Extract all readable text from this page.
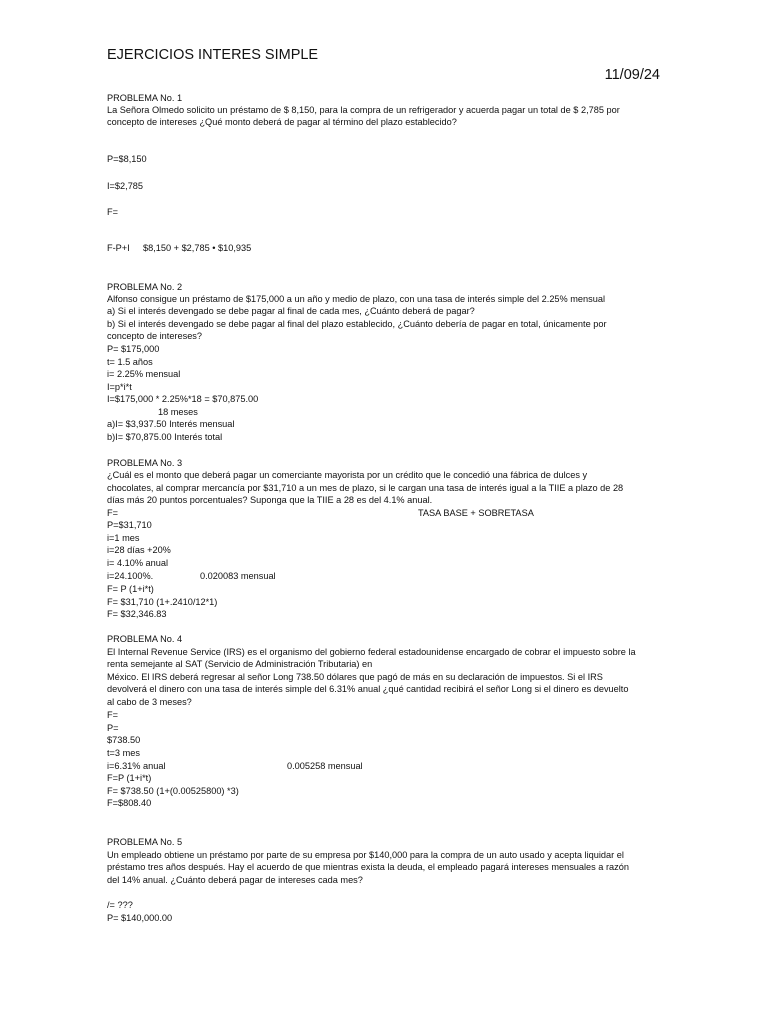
EJERCICIOS INTERES SIMPLE
11/09/24
PROBLEMA No. 1
La Señora Olmedo solicito un préstamo de $ 8,150, para la compra de un refrigerador y acuerda pagar un total de $ 2,785 por
concepto de intereses ¿Qué monto deberá de pagar al término del plazo establecido?
P=$8,150
I=$2,785
F=
F-P+I $8,150 + $2,785 • $10,935
PROBLEMA No. 2
Alfonso consigue un préstamo de $175,000 a un año y medio de plazo, con una tasa de interés simple del 2.25% mensual
a) Si el interés devengado se debe pagar al final de cada mes, ¿Cuánto deberá de pagar?
b) Si el interés devengado se debe pagar al final del plazo establecido, ¿Cuánto debería de pagar en total, únicamente por
concepto de intereses?
P= $175,000
t= 1.5 años
i= 2.25% mensual
I=p*i*t
I=$175,000 * 2.25%*18 = $70,875.00
18 meses
a)I= $3,937.50 Interés mensual
b)I= $70,875.00 Interés total
PROBLEMA No. 3
¿Cuál es el monto que deberá pagar un comerciante mayorista por un crédito que le concedió una fábrica de dulces y
chocolates, al comprar mercancía por $31,710 a un mes de plazo, si le cargan una tasa de interés igual a la TIIE a plazo de 28
días más 20 puntos porcentuales? Suponga que la TIIE a 28 es del 4.1% anual.
F=	TASA BASE + SOBRETASA
P=$31,710
i=1 mes
i=28 días +20%
i= 4.10% anual
i=24.100%.	0.020083 mensual
F= P (1+i*t)
F= $31,710 (1+.2410/12*1)
F= $32,346.83
PROBLEMA No. 4
El Internal Revenue Service (IRS) es el organismo del gobierno federal estadounidense encargado de cobrar el impuesto sobre la
renta semejante al SAT (Servicio de Administración Tributaria) en
México. El IRS deberá regresar al señor Long 738.50 dólares que pagó de más en su declaración de impuestos. Si el IRS
devolverá el dinero con una tasa de interés simple del 6.31% anual ¿qué cantidad recibirá el señor Long si el dinero es devuelto
al cabo de 3 meses?
F=
P=
$738.50
t=3 mes
i=6.31% anual	0.005258 mensual
F=P (1+i*t)
F= $738.50 (1+(0.00525800) *3)
F=$808.40
PROBLEMA No. 5
Un empleado obtiene un préstamo por parte de su empresa por $140,000 para la compra de un auto usado y acepta liquidar el
préstamo tres años después. Hay el acuerdo de que mientras exista la deuda, el empleado pagará intereses mensuales a razón
del 14% anual. ¿Cuánto deberá pagar de intereses cada mes?
/= ???
P= $140,000.00
